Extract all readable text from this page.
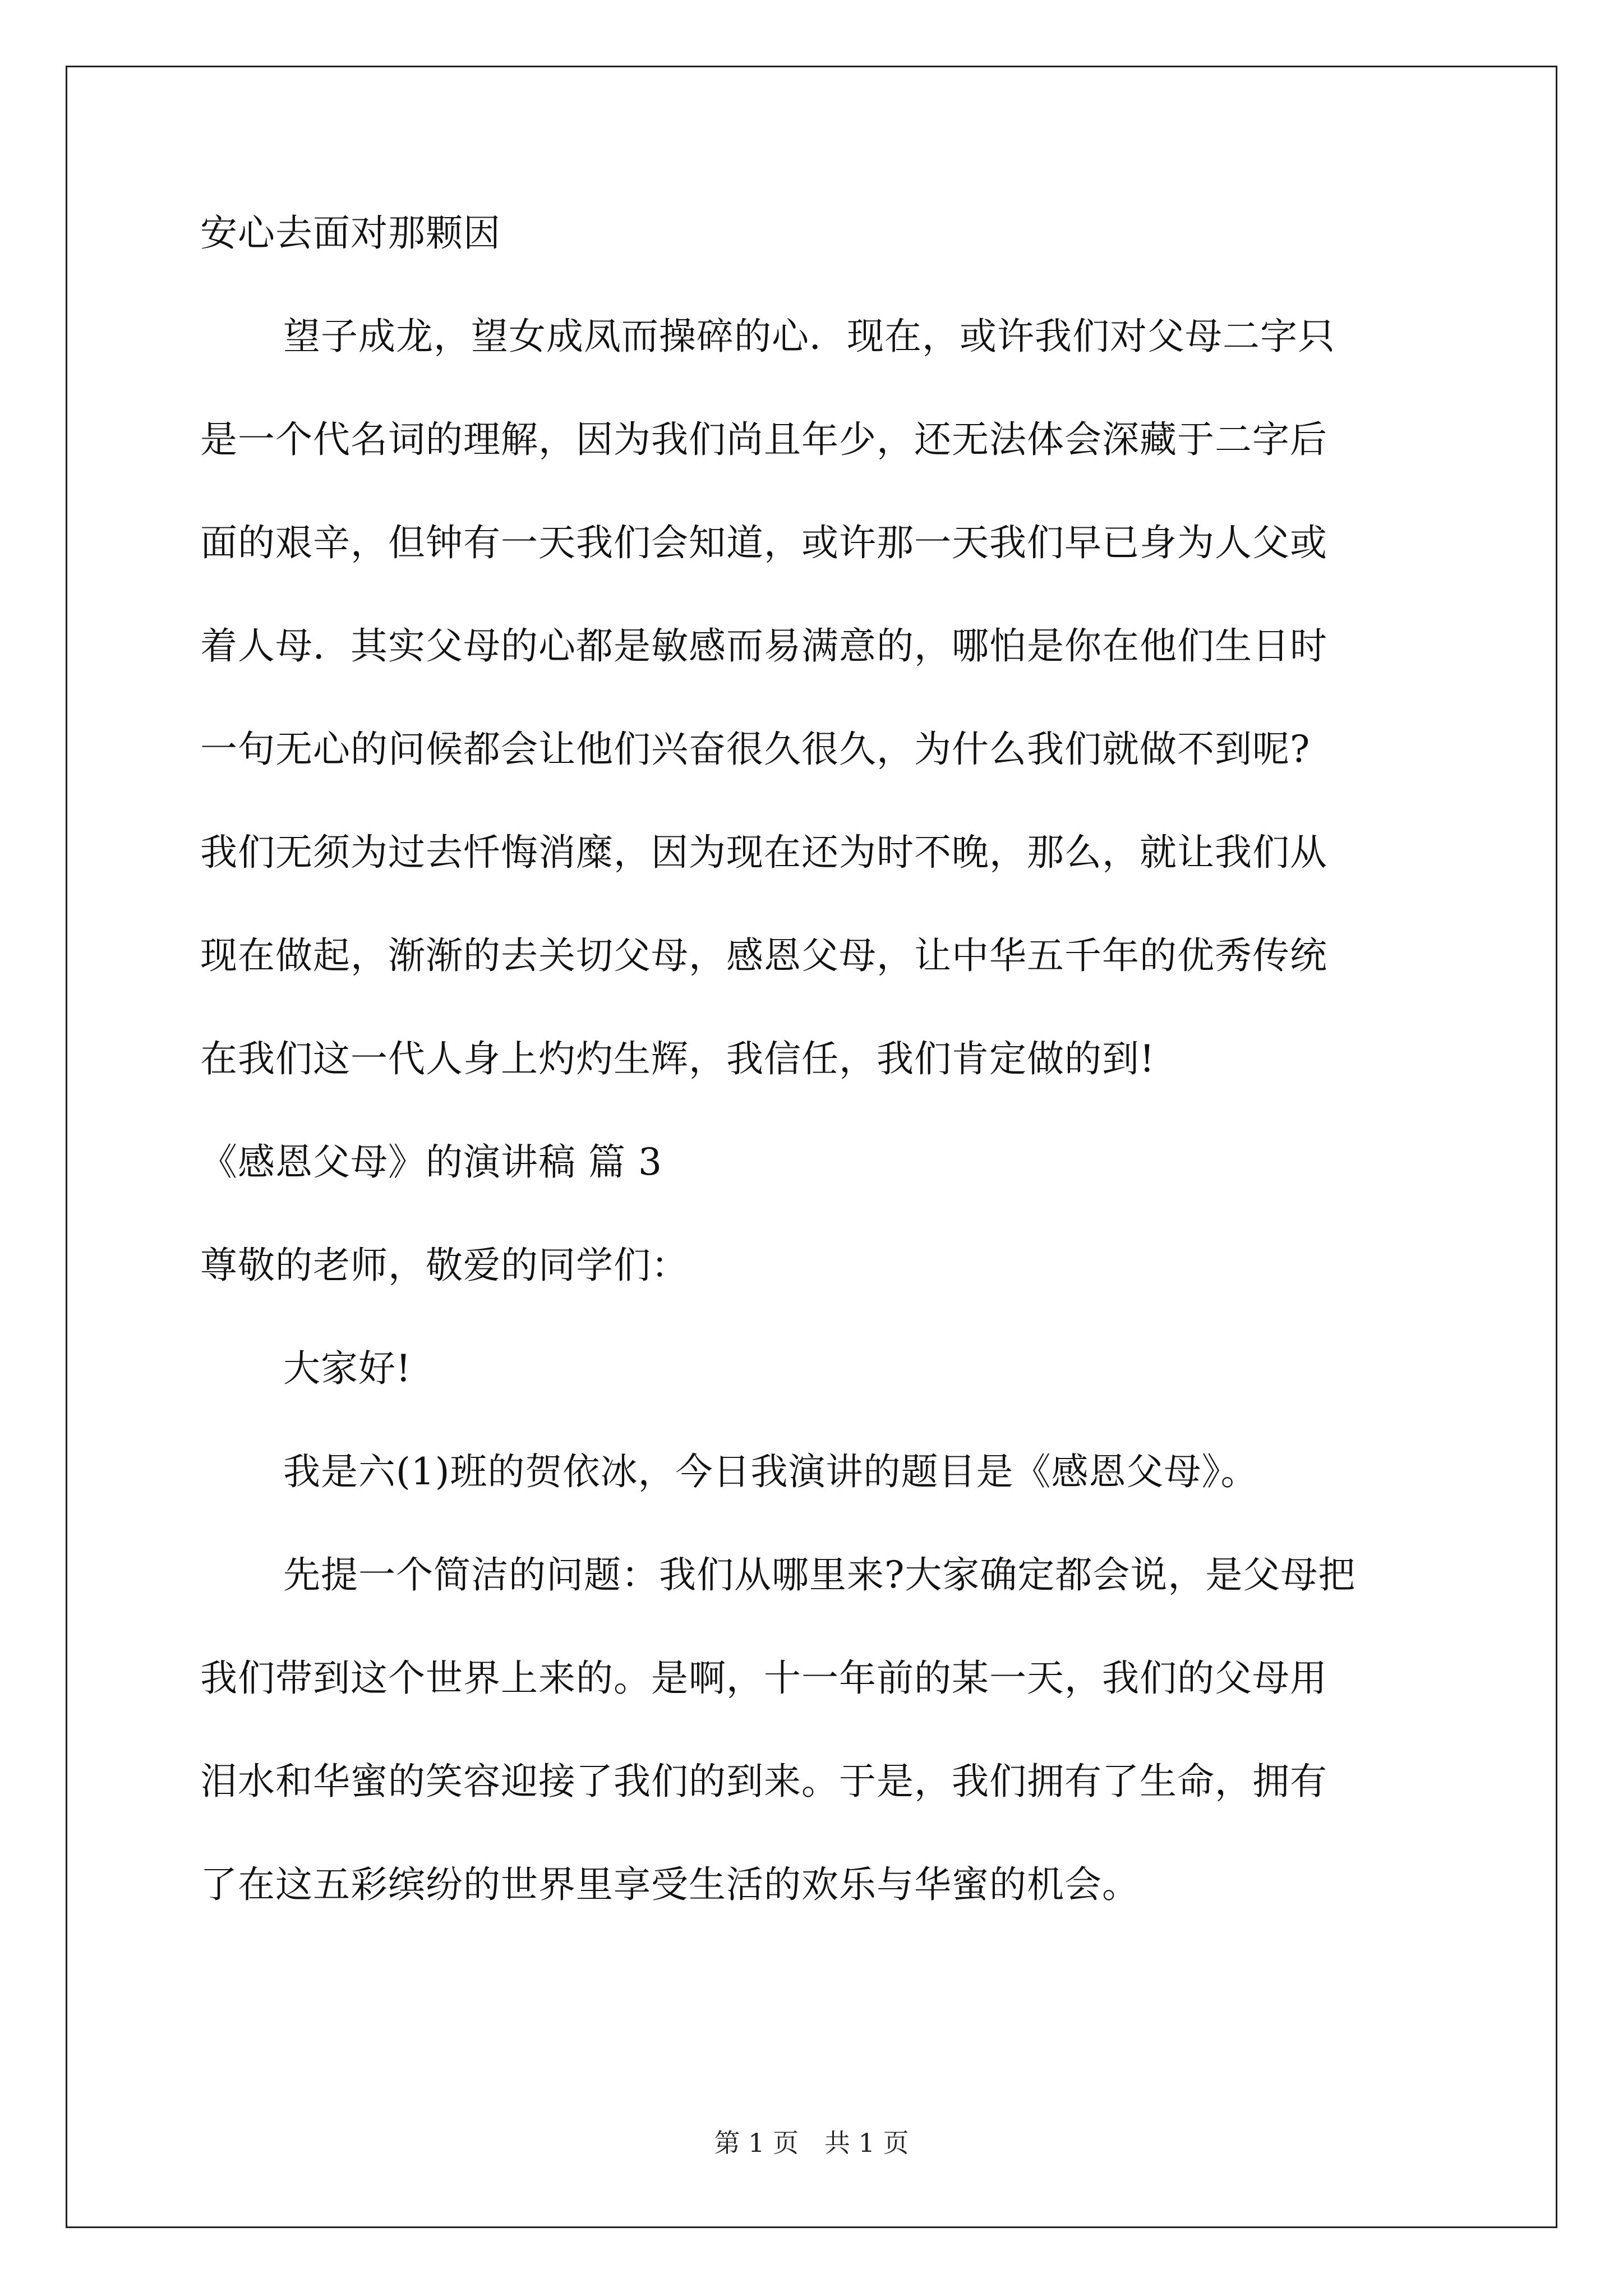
安心去面对那颗因
望子成龙，望女成凤而操碎的心．现在，或许我们对父母二字只
是一个代名词的理解，因为我们尚且年少，还无法体会深藏于二字后
面的艰辛，但钟有一天我们会知道，或许那一天我们早已身为人父或
着人母．其实父母的心都是敏感而易满意的，哪怕是你在他们生日时
一句无心的问候都会让他们兴奋很久很久，为什么我们就做不到呢?
我们无须为过去忏悔消糜，因为现在还为时不晚，那么，就让我们从
现在做起，渐渐的去关切父母，感恩父母，让中华五千年的优秀传统
在我们这一代人身上灼灼生辉，我信任，我们肯定做的到!
《感恩父母》的演讲稿 篇 3
尊敬的老师，敬爱的同学们：
大家好!
我是六(1)班的贺依冰，今日我演讲的题目是《感恩父母》。
先提一个简洁的问题：我们从哪里来?大家确定都会说，是父母把
我们带到这个世界上来的。是啊，十一年前的某一天，我们的父母用
泪水和华蜜的笑容迎接了我们的到来。于是，我们拥有了生命，拥有
了在这五彩缤纷的世界里享受生活的欢乐与华蜜的机会。
第 1 页　共 1 页
